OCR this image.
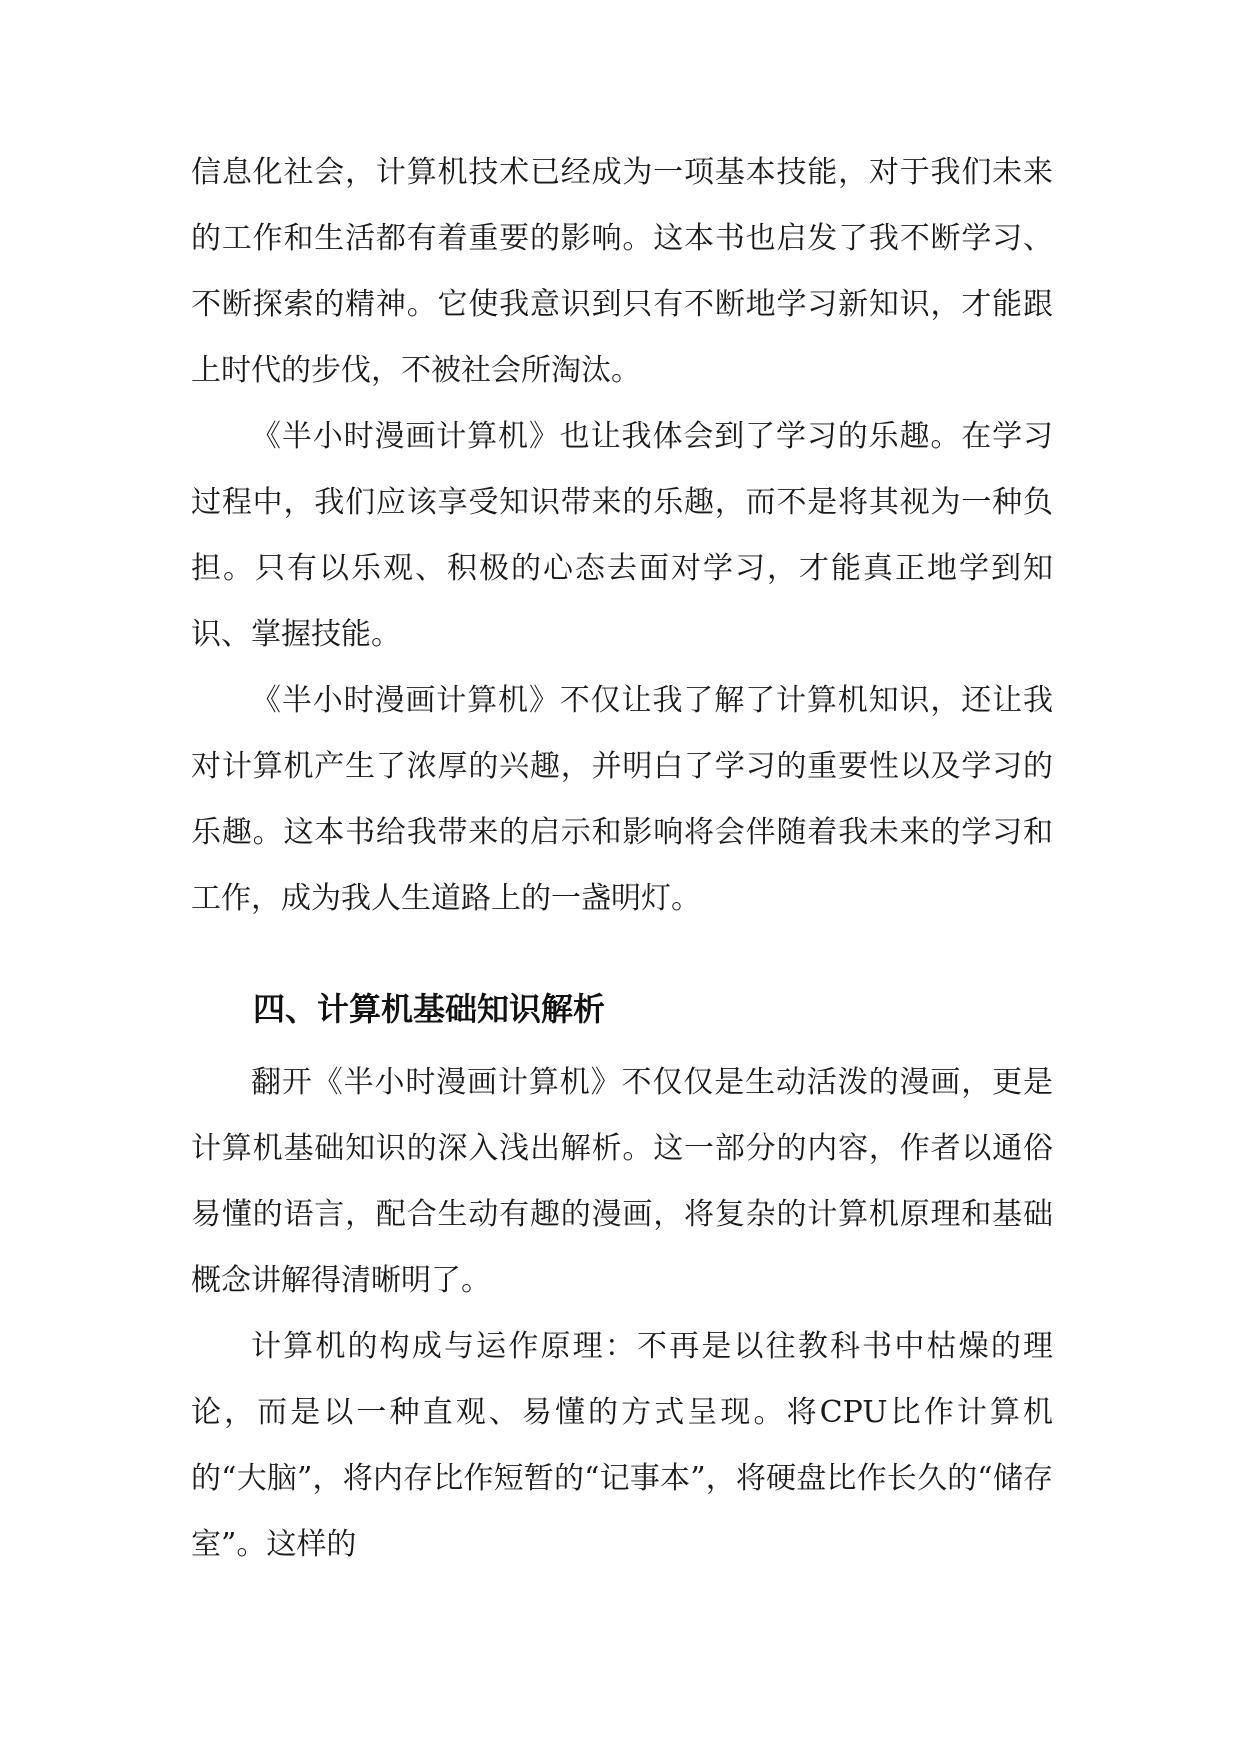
信息化社会，计算机技术已经成为一项基本技能，对于我们未来的工作和生活都有着重要的影响。这本书也启发了我不断学习、不断探索的精神。它使我意识到只有不断地学习新知识，才能跟上时代的步伐，不被社会所淘汰。

《半小时漫画计算机》也让我体会到了学习的乐趣。在学习过程中，我们应该享受知识带来的乐趣，而不是将其视为一种负担。只有以乐观、积极的心态去面对学习，才能真正地学到知识、掌握技能。

《半小时漫画计算机》不仅让我了解了计算机知识，还让我对计算机产生了浓厚的兴趣，并明白了学习的重要性以及学习的乐趣。这本书给我带来的启示和影响将会伴随着我未来的学习和工作，成为我人生道路上的一盏明灯。

四、计算机基础知识解析

翻开《半小时漫画计算机》不仅仅是生动活泼的漫画，更是计算机基础知识的深入浅出解析。这一部分的内容，作者以通俗易懂的语言，配合生动有趣的漫画，将复杂的计算机原理和基础概念讲解得清晰明了。

计算机的构成与运作原理：不再是以往教科书中枯燥的理论，而是以一种直观、易懂的方式呈现。将CPU比作计算机的“大脑”，将内存比作短暂的“记事本”，将硬盘比作长久的“储存室”。这样的
